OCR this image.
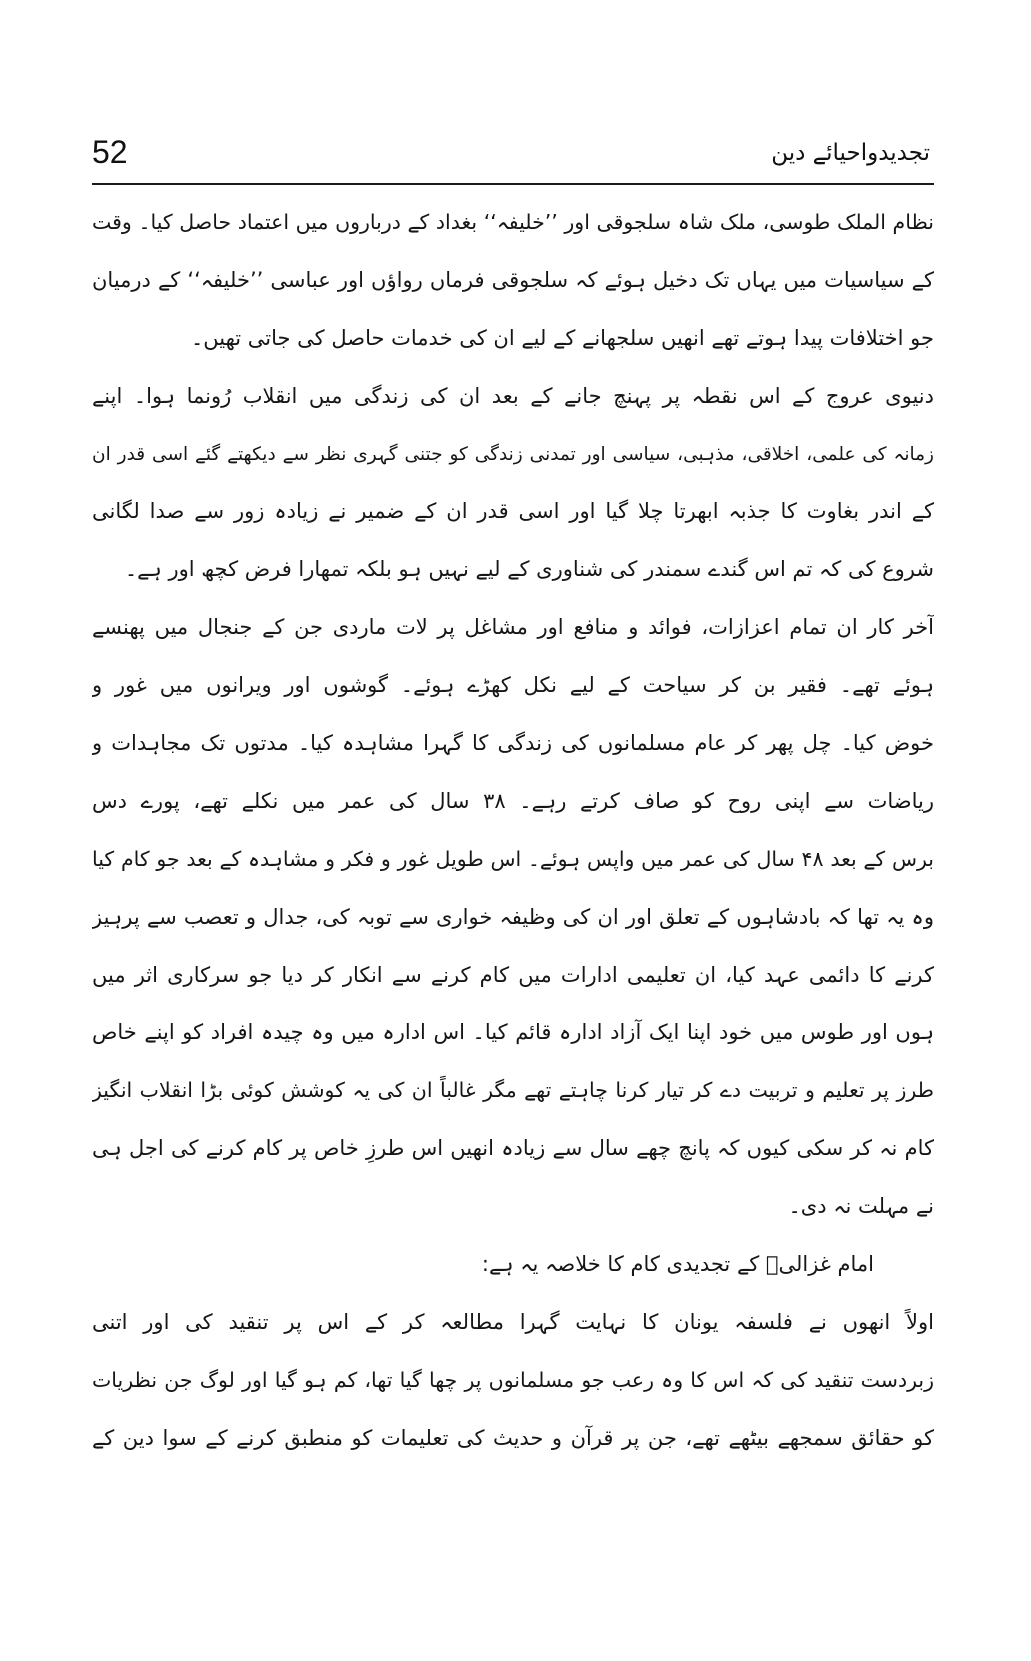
52	تجدیدواحیائے دین
نظام الملک طوسی، ملک شاہ سلجوقی اور ’’خلیفہ‘‘ بغداد کے درباروں میں اعتماد حاصل کیا۔ وقت
کے سیاسیات میں یہاں تک دخیل ہوئے کہ سلجوقی فرماں رواؤں اور عباسی ’’خلیفہ‘‘ کے درمیان
جو اختلافات پیدا ہوتے تھے انھیں سلجھانے کے لیے ان کی خدمات حاصل کی جاتی تھیں۔
دنیوی عروج کے اس نقطہ پر پہنچ جانے کے بعد ان کی زندگی میں انقلاب رُونما ہوا۔ اپنے
زمانہ کی علمی، اخلاقی، مذہبی، سیاسی اور تمدنی زندگی کو جتنی گہری نظر سے دیکھتے گئے اسی قدر ان
کے اندر بغاوت کا جذبہ ابھرتا چلا گیا اور اسی قدر ان کے ضمیر نے زیادہ زور سے صدا لگانی
شروع کی کہ تم اس گندے سمندر کی شناوری کے لیے نہیں ہو بلکہ تمھارا فرض کچھ اور ہے۔
آخر کار ان تمام اعزازات، فوائد و منافع اور مشاغل پر لات ماردی جن کے جنجال میں پھنسے
ہوئے تھے۔ فقیر بن کر سیاحت کے لیے نکل کھڑے ہوئے۔ گوشوں اور ویرانوں میں غور و
خوض کیا۔ چل پھر کر عام مسلمانوں کی زندگی کا گہرا مشاہدہ کیا۔ مدتوں تک مجاہدات و
ریاضات سے اپنی روح کو صاف کرتے رہے۔ ۳۸ سال کی عمر میں نکلے تھے، پورے دس
برس کے بعد ۴۸ سال کی عمر میں واپس ہوئے۔ اس طویل غور و فکر و مشاہدہ کے بعد جو کام کیا
وہ یہ تھا کہ بادشاہوں کے تعلق اور ان کی وظیفہ خواری سے توبہ کی، جدال و تعصب سے پرہیز
کرنے کا دائمی عہد کیا، ان تعلیمی ادارات میں کام کرنے سے انکار کر دیا جو سرکاری اثر میں
ہوں اور طوس میں خود اپنا ایک آزاد ادارہ قائم کیا۔ اس ادارہ میں وہ چیدہ افراد کو اپنے خاص
طرز پر تعلیم و تربیت دے کر تیار کرنا چاہتے تھے مگر غالباً ان کی یہ کوشش کوئی بڑا انقلاب انگیز
کام نہ کر سکی کیوں کہ پانچ چھے سال سے زیادہ انھیں اس طرزِ خاص پر کام کرنے کی اجل ہی
نے مہلت نہ دی۔
امام غزالیؒ کے تجدیدی کام کا خلاصہ یہ ہے:
اولاً انھوں نے فلسفہ یونان کا نہایت گہرا مطالعہ کر کے اس پر تنقید کی اور اتنی
زبردست تنقید کی کہ اس کا وہ رعب جو مسلمانوں پر چھا گیا تھا، کم ہو گیا اور لوگ جن نظریات
کو حقائق سمجھے بیٹھے تھے، جن پر قرآن و حدیث کی تعلیمات کو منطبق کرنے کے سوا دین کے
